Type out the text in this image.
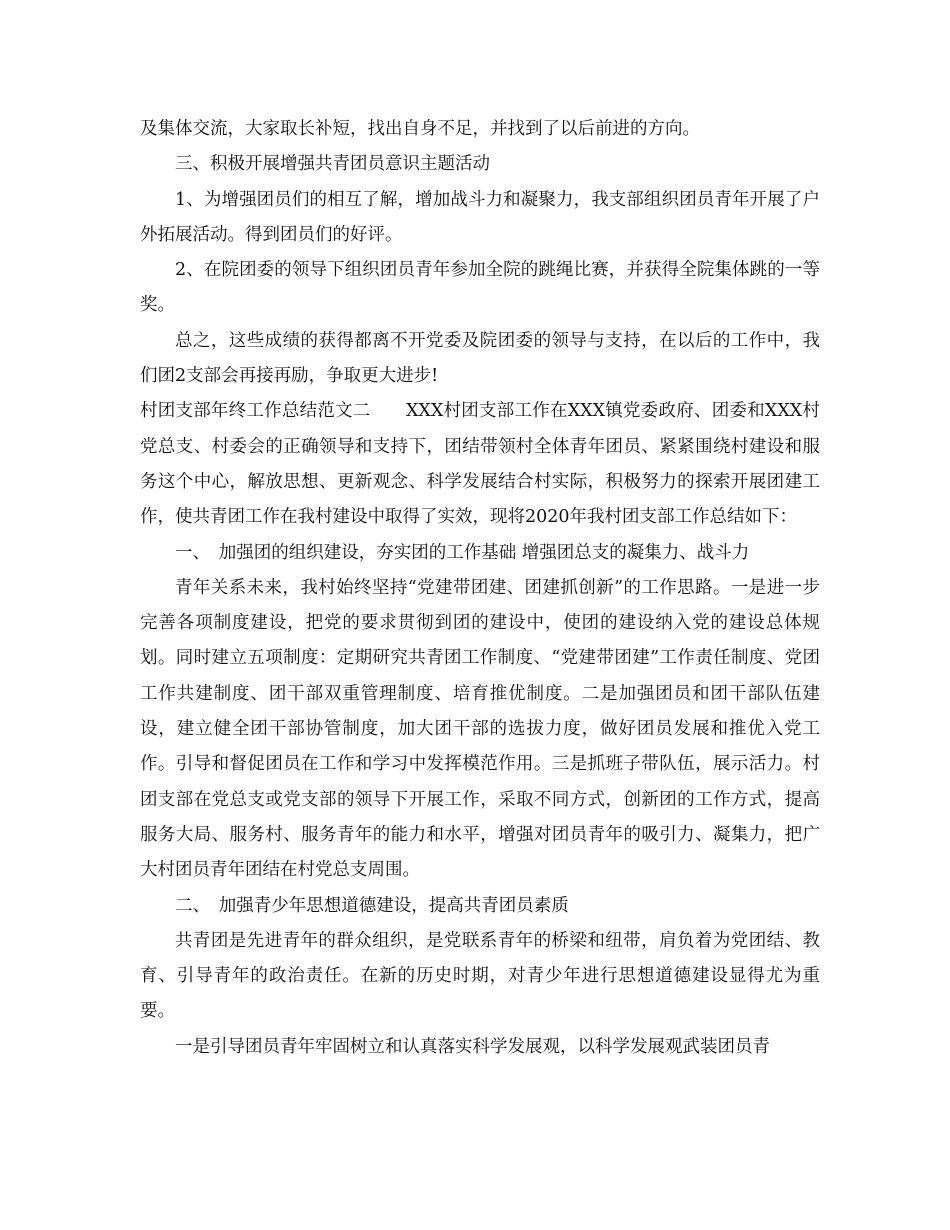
及集体交流，大家取长补短，找出自身不足，并找到了以后前进的方向。

三、积极开展增强共青团员意识主题活动

1、为增强团员们的相互了解，增加战斗力和凝聚力，我支部组织团员青年开展了户外拓展活动。得到团员们的好评。

2、在院团委的领导下组织团员青年参加全院的跳绳比赛，并获得全院集体跳的一等奖。

总之，这些成绩的获得都离不开党委及院团委的领导与支持，在以后的工作中，我们团2支部会再接再励，争取更大进步!

村团支部年终工作总结范文二　　XXX村团支部工作在XXX镇党委政府、团委和XXX村党总支、村委会的正确领导和支持下，团结带领村全体青年团员、紧紧围绕村建设和服务这个中心，解放思想、更新观念、科学发展结合村实际，积极努力的探索开展团建工作，使共青团工作在我村建设中取得了实效，现将2020年我村团支部工作总结如下：

一、　加强团的组织建设，夯实团的工作基础 增强团总支的凝集力、战斗力

青年关系未来，我村始终坚持“党建带团建、团建抓创新”的工作思路。一是进一步完善各项制度建设，把党的要求贯彻到团的建设中，使团的建设纳入党的建设总体规划。同时建立五项制度：定期研究共青团工作制度、“党建带团建”工作责任制度、党团工作共建制度、团干部双重管理制度、培育推优制度。二是加强团员和团干部队伍建设，建立健全团干部协管制度，加大团干部的选拔力度，做好团员发展和推优入党工作。引导和督促团员在工作和学习中发挥模范作用。三是抓班子带队伍，展示活力。村团支部在党总支或党支部的领导下开展工作，采取不同方式，创新团的工作方式，提高服务大局、服务村、服务青年的能力和水平，增强对团员青年的吸引力、凝集力，把广大村团员青年团结在村党总支周围。

二、　加强青少年思想道德建设，提高共青团员素质

共青团是先进青年的群众组织，是党联系青年的桥梁和纽带，肩负着为党团结、教育、引导青年的政治责任。在新的历史时期，对青少年进行思想道德建设显得尤为重要。

一是引导团员青年牢固树立和认真落实科学发展观，以科学发展观武装团员青
